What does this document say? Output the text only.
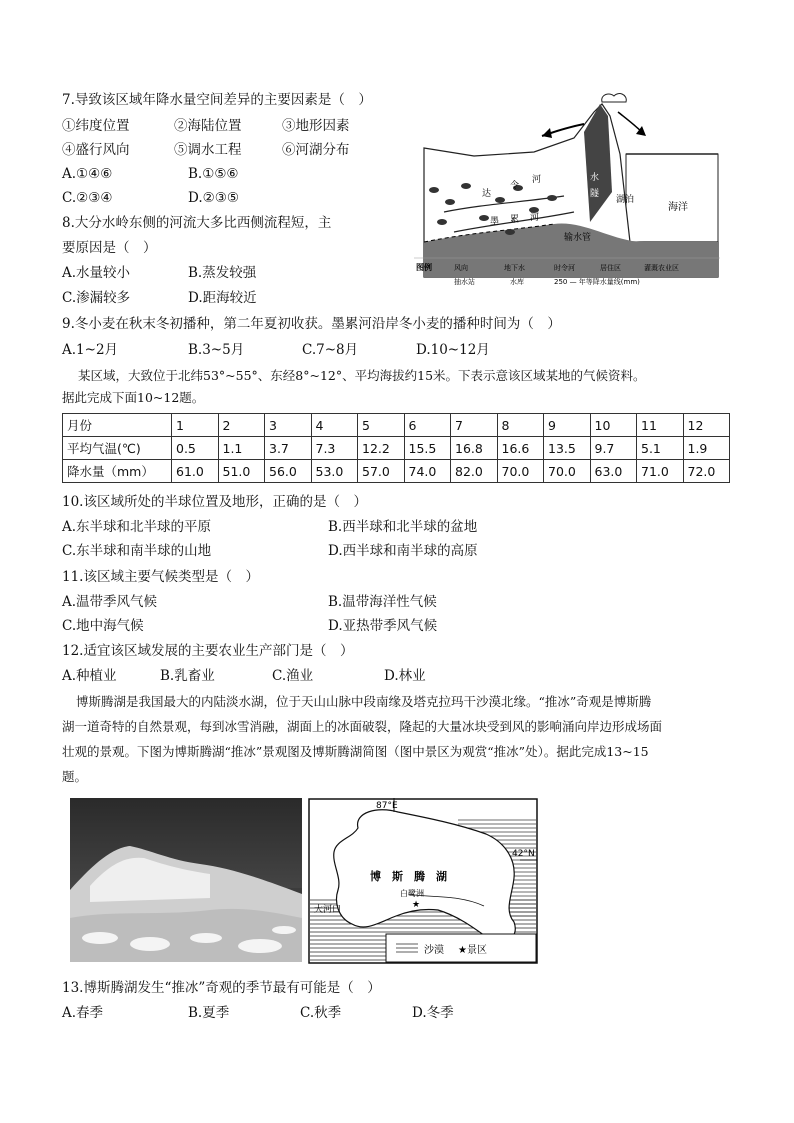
7.导致该区域年降水量空间差异的主要因素是（　）
①纬度位置	②海陆位置	③地形因素
④盛行风向	⑤调水工程	⑥河湖分布
A.①④⑥	B.①⑤⑥
C.②③④	D.②③⑤
8.大分水岭东侧的河流大多比西侧流程短，主
要原因是（　）
A.水量较小	B.蒸发较强
C.渗漏较多	D.距海较近
海洋
湖泊
达
令
河
墨 累 河
水
隧
输水管
图例	风向	地下水	时令河	居住区	灌溉农业区
抽水站	水库	250 — 年等降水量线(mm)
9.冬小麦在秋末冬初播种，第二年夏初收获。墨累河沿岸冬小麦的播种时间为（　）
A.1~2月	B.3~5月	C.7~8月	D.10~12月
某区域，大致位于北纬53°~55°、东经8°~12°、平均海拔约15米。下表示意该区域某地的气候资料。
据此完成下面10~12题。
月份	1	2	3	4	5	6	7	8	9	10	11	12
平均气温(℃)	0.5	1.1	3.7	7.3	12.2	15.5	16.8	16.6	13.5	9.7	5.1	1.9
降水量（mm）	61.0	51.0	56.0	53.0	57.0	74.0	82.0	70.0	70.0	63.0	71.0	72.0
10.该区域所处的半球位置及地形，正确的是（　）
A.东半球和北半球的平原	B.西半球和北半球的盆地
C.东半球和南半球的山地	D.西半球和南半球的高原
11.该区域主要气候类型是（　）
A.温带季风气候	B.温带海洋性气候
C.地中海气候	D.亚热带季风气候
12.适宜该区域发展的主要农业生产部门是（　）
A.种植业	B.乳畜业	C.渔业	D.林业
博斯腾湖是我国最大的内陆淡水湖，位于天山山脉中段南缘及塔克拉玛干沙漠北缘。“推冰”奇观是博斯腾
湖一道奇特的自然景观，每到冰雪消融，湖面上的冰面破裂，隆起的大量冰块受到风的影响涌向岸边形成场面
壮观的景观。下图为博斯腾湖“推冰”景观图及博斯腾湖简图（图中景区为观赏“推冰”处）。据此完成13~15
题。
87°E
42°N
博　斯　腾　湖
白鹭洲
★
大河口
沙漠 ★景区
13.博斯腾湖发生“推冰”奇观的季节最有可能是（　）
A.春季	B.夏季	C.秋季	D.冬季
